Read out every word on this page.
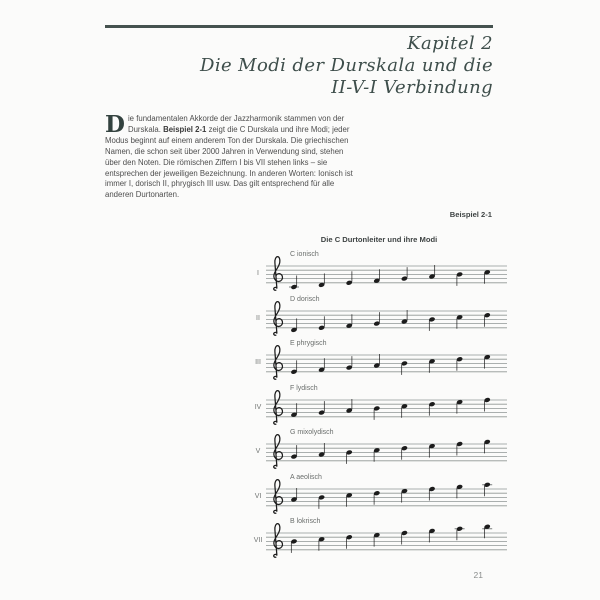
Kapitel 2
Die Modi der Durskala und die
II-V-I Verbindung
Die fundamentalen Akkorde der Jazzharmonik stammen von der Durskala. Beispiel 2-1 zeigt die C Durskala und ihre Modi; jeder Modus beginnt auf einem anderem Ton der Durskala. Die griechischen Namen, die schon seit über 2000 Jahren in Verwendung sind, stehen über den Noten. Die römischen Ziffern I bis VII stehen links – sie entsprechen der jeweiligen Bezeichnung. In anderen Worten: Ionisch ist immer I, dorisch II, phrygisch III usw. Das gilt entsprechend für alle anderen Durtonarten.
Beispiel 2-1
Die C Durtonleiter und ihre Modi
I
C ionisch
II
D dorisch
III
E phrygisch
IV
F lydisch
V
G mixolydisch
VI
A aeolisch
VII
B lokrisch
21
